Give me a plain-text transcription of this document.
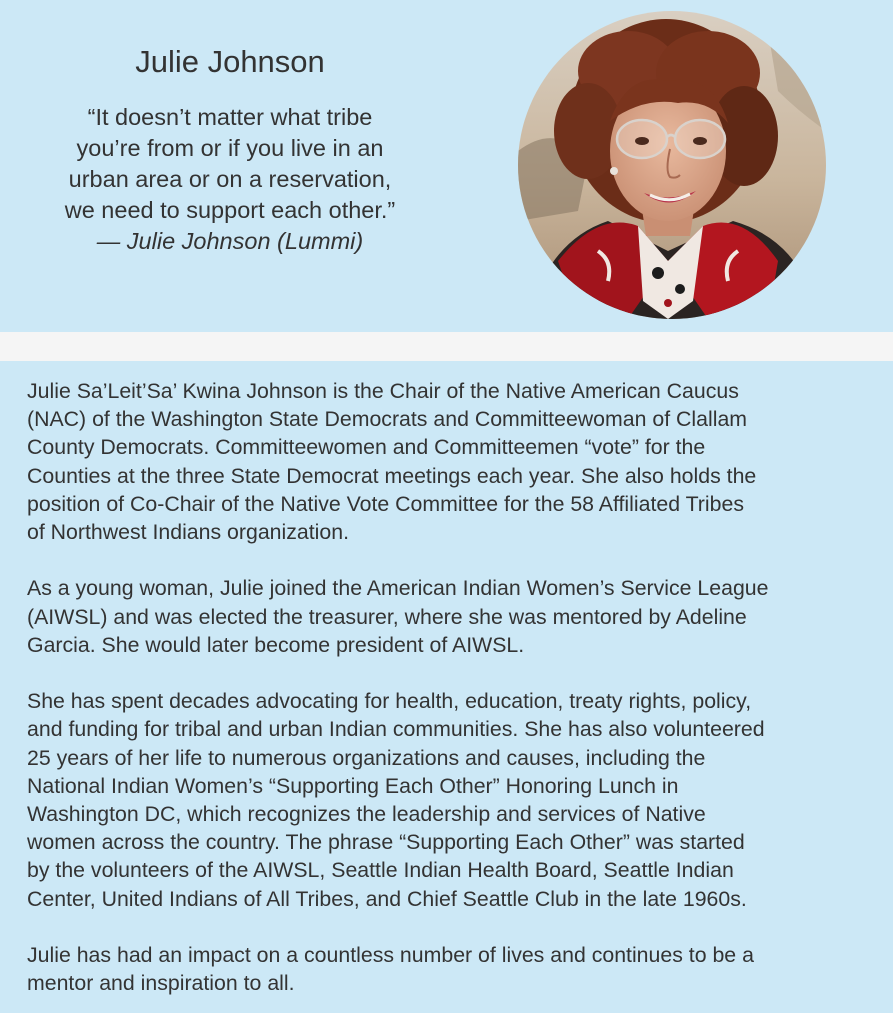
Julie Johnson

“It doesn’t matter what tribe
you’re from or if you live in an
urban area or on a reservation,
we need to support each other.”
— Julie Johnson (Lummi)

Julie Sa’Leit’Sa’ Kwina Johnson is the Chair of the Native American Caucus
(NAC) of the Washington State Democrats and Committeewoman of Clallam
County Democrats. Committeewomen and Committeemen “vote” for the
Counties at the three State Democrat meetings each year. She also holds the
position of Co-Chair of the Native Vote Committee for the 58 Affiliated Tribes
of Northwest Indians organization.

As a young woman, Julie joined the American Indian Women’s Service League
(AIWSL) and was elected the treasurer, where she was mentored by Adeline
Garcia. She would later become president of AIWSL.

She has spent decades advocating for health, education, treaty rights, policy,
and funding for tribal and urban Indian communities. She has also volunteered
25 years of her life to numerous organizations and causes, including the
National Indian Women’s “Supporting Each Other” Honoring Lunch in
Washington DC, which recognizes the leadership and services of Native
women across the country. The phrase “Supporting Each Other” was started
by the volunteers of the AIWSL, Seattle Indian Health Board, Seattle Indian
Center, United Indians of All Tribes, and Chief Seattle Club in the late 1960s.

Julie has had an impact on a countless number of lives and continues to be a
mentor and inspiration to all.
